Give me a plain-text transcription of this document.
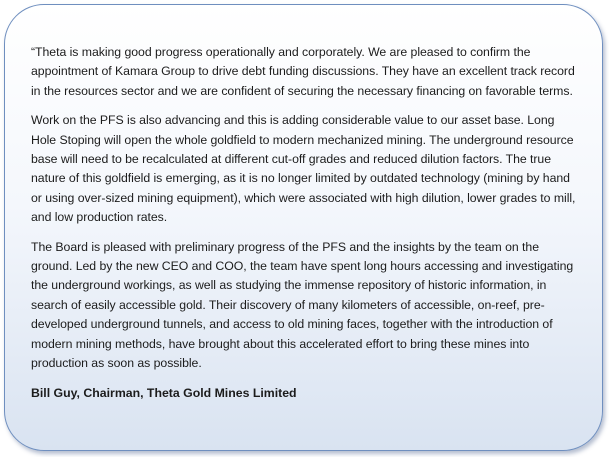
“Theta is making good progress operationally and corporately. We are pleased to confirm the appointment of Kamara Group to drive debt funding discussions. They have an excellent track record in the resources sector and we are confident of securing the necessary financing on favorable terms.

Work on the PFS is also advancing and this is adding considerable value to our asset base. Long Hole Stoping will open the whole goldfield to modern mechanized mining. The underground resource base will need to be recalculated at different cut-off grades and reduced dilution factors. The true nature of this goldfield is emerging, as it is no longer limited by outdated technology (mining by hand or using over-sized mining equipment), which were associated with high dilution, lower grades to mill, and low production rates.

The Board is pleased with preliminary progress of the PFS and the insights by the team on the ground. Led by the new CEO and COO, the team have spent long hours accessing and investigating the underground workings, as well as studying the immense repository of historic information, in search of easily accessible gold. Their discovery of many kilometers of accessible, on-reef, pre-developed underground tunnels, and access to old mining faces, together with the introduction of modern mining methods, have brought about this accelerated effort to bring these mines into production as soon as possible.

Bill Guy, Chairman, Theta Gold Mines Limited
